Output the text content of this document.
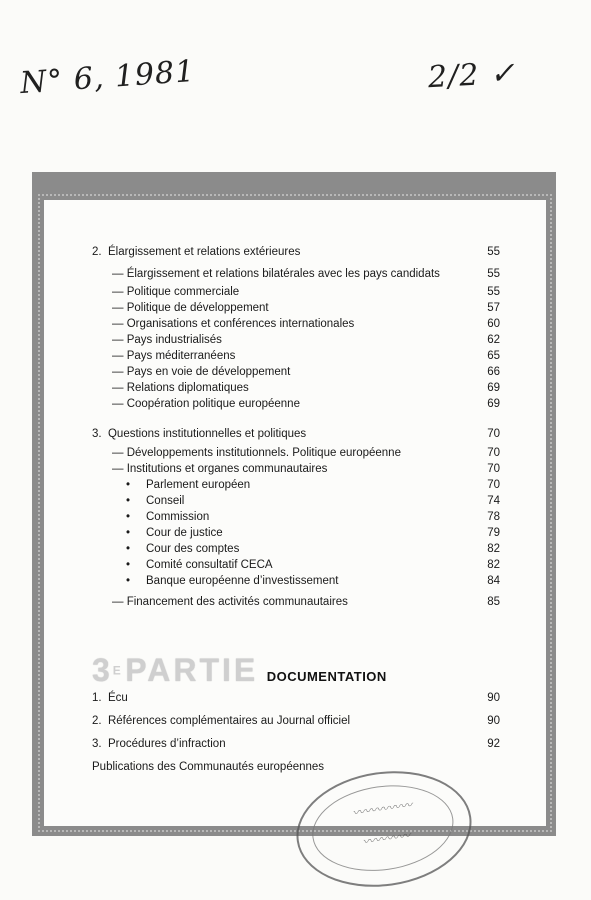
N° 6, 1981	2/2 ✓
2. Élargissement et relations extérieures	55
— Élargissement et relations bilatérales avec les pays candidats	55
— Politique commerciale	55
— Politique de développement	57
— Organisations et conférences internationales	60
— Pays industrialisés	62
— Pays méditerranéens	65
— Pays en voie de développement	66
— Relations diplomatiques	69
— Coopération politique européenne	69
3. Questions institutionnelles et politiques	70
— Développements institutionnels. Politique européenne	70
— Institutions et organes communautaires	70
• Parlement européen	70
• Conseil	74
• Commission	78
• Cour de justice	79
• Cour des comptes	82
• Comité consultatif CECA	82
• Banque européenne d’investissement	84
— Financement des activités communautaires	85
$3^E$ PARTIE DOCUMENTATION
1. Écu	90
2. Références complémentaires au Journal officiel	90
3. Procédures d’infraction	92
Publications des Communautés européennes
〰〰〰〰〰
〰〰〰〰
